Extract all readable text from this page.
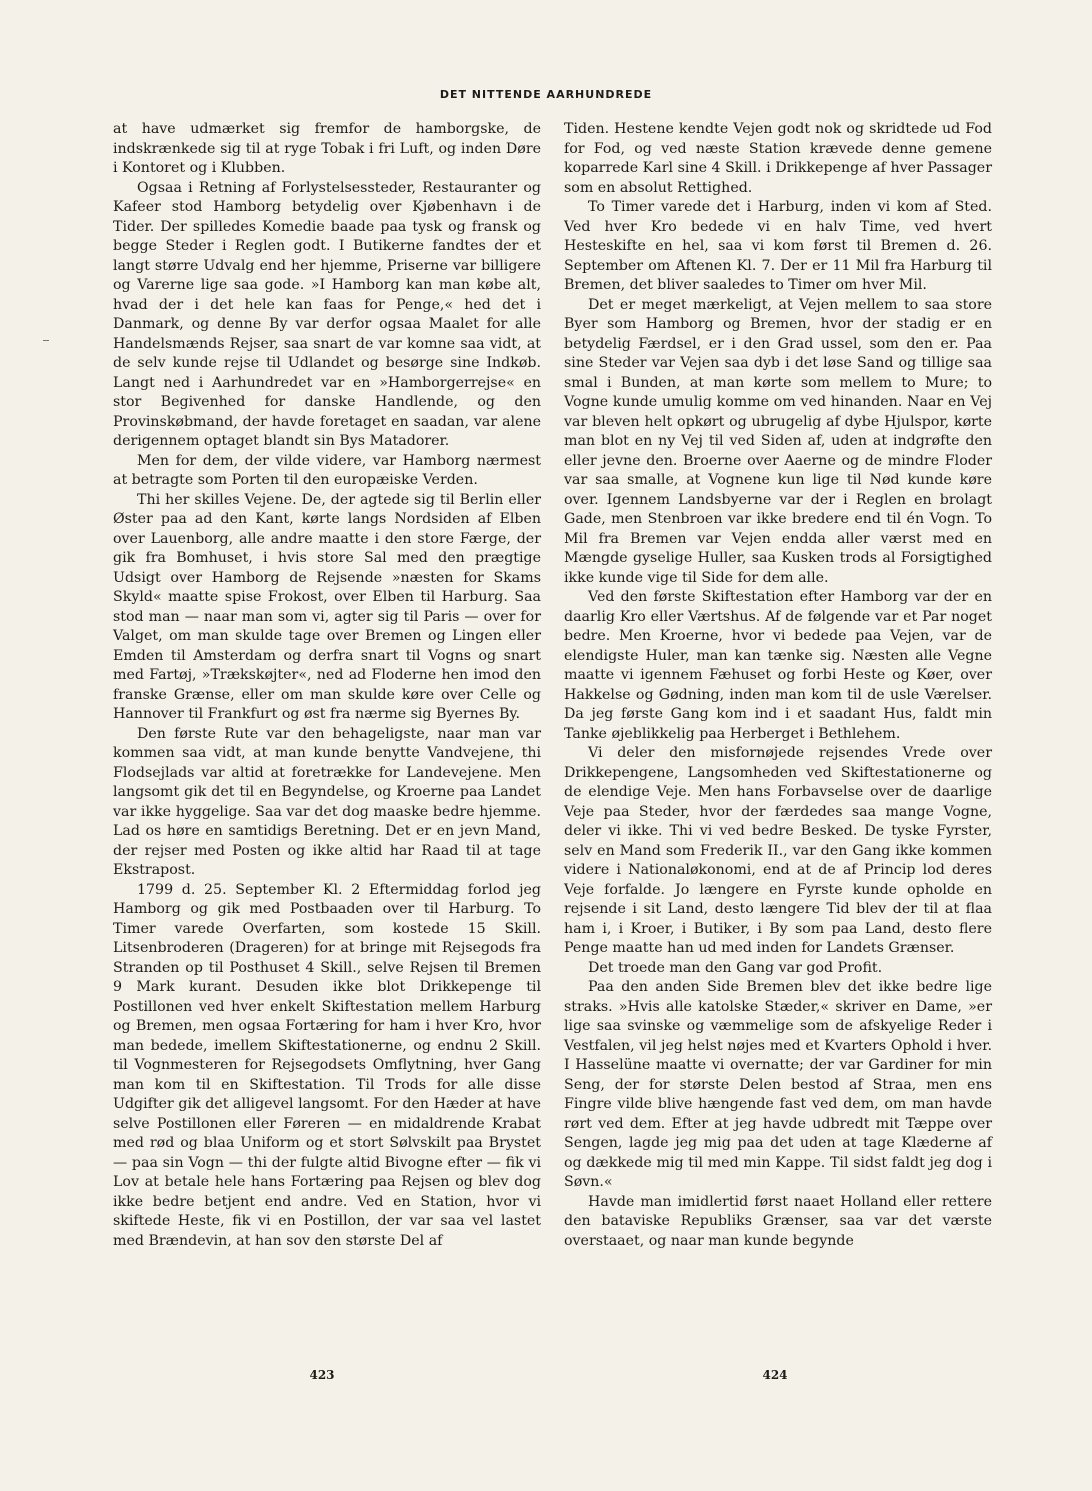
DET NITTENDE AARHUNDREDE

at have udmærket sig fremfor de hamborgske, de indskrænkede sig til at ryge Tobak i fri Luft, og inden Døre i Kontoret og i Klubben.

Ogsaa i Retning af Forlystelsessteder, Restauranter og Kafeer stod Hamborg betydelig over Kjøbenhavn i de Tider. Der spilledes Komedie baade paa tysk og fransk og begge Steder i Reglen godt. I Butikerne fandtes der et langt større Udvalg end her hjemme, Priserne var billigere og Varerne lige saa gode. »I Hamborg kan man købe alt, hvad der i det hele kan faas for Penge,« hed det i Danmark, og denne By var derfor ogsaa Maalet for alle Handelsmænds Rejser, saa snart de var komne saa vidt, at de selv kunde rejse til Udlandet og besørge sine Indkøb. Langt ned i Aarhundredet var en »Hamborgerrejse« en stor Begivenhed for danske Handlende, og den Provinskøbmand, der havde foretaget en saadan, var alene derigennem optaget blandt sin Bys Matadorer.

Men for dem, der vilde videre, var Hamborg nærmest at betragte som Porten til den europæiske Verden.

Thi her skilles Vejene. De, der agtede sig til Berlin eller Øster paa ad den Kant, kørte langs Nordsiden af Elben over Lauenborg, alle andre maatte i den store Færge, der gik fra Bomhuset, i hvis store Sal med den prægtige Udsigt over Hamborg de Rejsende »næsten for Skams Skyld« maatte spise Frokost, over Elben til Harburg. Saa stod man — naar man som vi, agter sig til Paris — over for Valget, om man skulde tage over Bremen og Lingen eller Emden til Amsterdam og derfra snart til Vogns og snart med Fartøj, »Trækskøjter«, ned ad Floderne hen imod den franske Grænse, eller om man skulde køre over Celle og Hannover til Frankfurt og øst fra nærme sig Byernes By.

Den første Rute var den behageligste, naar man var kommen saa vidt, at man kunde benytte Vandvejene, thi Flodsejlads var altid at foretrække for Landevejene. Men langsomt gik det til en Begyndelse, og Kroerne paa Landet var ikke hyggelige. Saa var det dog maaske bedre hjemme. Lad os høre en samtidigs Beretning. Det er en jevn Mand, der rejser med Posten og ikke altid har Raad til at tage Ekstrapost.

1799 d. 25. September Kl. 2 Eftermiddag forlod jeg Hamborg og gik med Postbaaden over til Harburg. To Timer varede Overfarten, som kostede 15 Skill. Litsenbroderen (Drageren) for at bringe mit Rejsegods fra Stranden op til Posthuset 4 Skill., selve Rejsen til Bremen 9 Mark kurant. Desuden ikke blot Drikkepenge til Postillonen ved hver enkelt Skiftestation mellem Harburg og Bremen, men ogsaa Fortæring for ham i hver Kro, hvor man bedede, imellem Skiftestationerne, og endnu 2 Skill. til Vognmesteren for Rejsegodsets Omflytning, hver Gang man kom til en Skiftestation. Til Trods for alle disse Udgifter gik det alligevel langsomt. For den Hæder at have selve Postillonen eller Føreren — en midaldrende Krabat med rød og blaa Uniform og et stort Sølvskilt paa Brystet — paa sin Vogn — thi der fulgte altid Bivogne efter — fik vi Lov at betale hele hans Fortæring paa Rejsen og blev dog ikke bedre betjent end andre. Ved en Station, hvor vi skiftede Heste, fik vi en Postillon, der var saa vel lastet med Brændevin, at han sov den største Del af

Tiden. Hestene kendte Vejen godt nok og skridtede ud Fod for Fod, og ved næste Station krævede denne gemene koparrede Karl sine 4 Skill. i Drikkepenge af hver Passager som en absolut Rettighed.

To Timer varede det i Harburg, inden vi kom af Sted. Ved hver Kro bedede vi en halv Time, ved hvert Hesteskifte en hel, saa vi kom først til Bremen d. 26. September om Aftenen Kl. 7. Der er 11 Mil fra Harburg til Bremen, det bliver saaledes to Timer om hver Mil.

Det er meget mærkeligt, at Vejen mellem to saa store Byer som Hamborg og Bremen, hvor der stadig er en betydelig Færdsel, er i den Grad ussel, som den er. Paa sine Steder var Vejen saa dyb i det løse Sand og tillige saa smal i Bunden, at man kørte som mellem to Mure; to Vogne kunde umulig komme om ved hinanden. Naar en Vej var bleven helt opkørt og ubrugelig af dybe Hjulspor, kørte man blot en ny Vej til ved Siden af, uden at indgrøfte den eller jevne den. Broerne over Aaerne og de mindre Floder var saa smalle, at Vognene kun lige til Nød kunde køre over. Igennem Landsbyerne var der i Reglen en brolagt Gade, men Stenbroen var ikke bredere end til én Vogn. To Mil fra Bremen var Vejen endda aller værst med en Mængde gyselige Huller, saa Kusken trods al Forsigtighed ikke kunde vige til Side for dem alle.

Ved den første Skiftestation efter Hamborg var der en daarlig Kro eller Værtshus. Af de følgende var et Par noget bedre. Men Kroerne, hvor vi bedede paa Vejen, var de elendigste Huler, man kan tænke sig. Næsten alle Vegne maatte vi igennem Fæhuset og forbi Heste og Køer, over Hakkelse og Gødning, inden man kom til de usle Værelser. Da jeg første Gang kom ind i et saadant Hus, faldt min Tanke øjeblikkelig paa Herberget i Bethlehem.

Vi deler den misfornøjede rejsendes Vrede over Drikkepengene, Langsomheden ved Skiftestationerne og de elendige Veje. Men hans Forbavselse over de daarlige Veje paa Steder, hvor der færdedes saa mange Vogne, deler vi ikke. Thi vi ved bedre Besked. De tyske Fyrster, selv en Mand som Frederik II., var den Gang ikke kommen videre i Nationaløkonomi, end at de af Princip lod deres Veje forfalde. Jo længere en Fyrste kunde opholde en rejsende i sit Land, desto længere Tid blev der til at flaa ham i, i Kroer, i Butiker, i By som paa Land, desto flere Penge maatte han ud med inden for Landets Grænser.

Det troede man den Gang var god Profit.

Paa den anden Side Bremen blev det ikke bedre lige straks. »Hvis alle katolske Stæder,« skriver en Dame, »er lige saa svinske og væmmelige som de afskyelige Reder i Vestfalen, vil jeg helst nøjes med et Kvarters Ophold i hver. I Hasselüne maatte vi overnatte; der var Gardiner for min Seng, der for største Delen bestod af Straa, men ens Fingre vilde blive hængende fast ved dem, om man havde rørt ved dem. Efter at jeg havde udbredt mit Tæppe over Sengen, lagde jeg mig paa det uden at tage Klæderne af og dækkede mig til med min Kappe. Til sidst faldt jeg dog i Søvn.«

Havde man imidlertid først naaet Holland eller rettere den bataviske Republiks Grænser, saa var det værste overstaaet, og naar man kunde begynde

423	424
